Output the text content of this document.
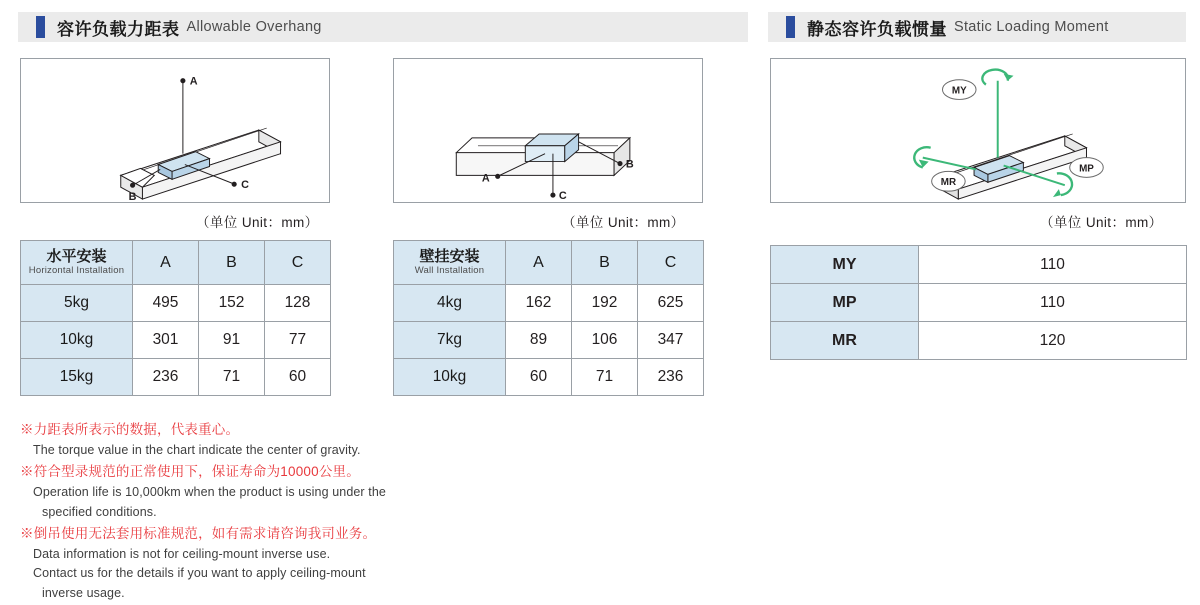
容许负载力距表 Allowable Overhang	静态容许负载惯量 Static Loading Moment
A
C
B
（单位 Unit：mm）
A
B
C
（单位 Unit：mm）
MY
MP
MR
（单位 Unit：mm）
水平安装
Horizontal Installation	A	B	C
5kg	495	152	128
10kg	301	91	77
15kg	236	71	60
壁挂安装
Wall Installation	A	B	C
4kg	162	192	625
7kg	89	106	347
10kg	60	71	236
MY	110
MP	110
MR	120
※力距表所表示的数据，代表重心。
The torque value in the chart indicate the center of gravity.
※符合型录规范的正常使用下，保证寿命为10000公里。
Operation life is 10,000km when the product is using under the
specified conditions.
※倒吊使用无法套用标准规范，如有需求请咨询我司业务。
Data information is not for ceiling-mount inverse use.
Contact us for the details if you want to apply ceiling-mount
inverse usage.
